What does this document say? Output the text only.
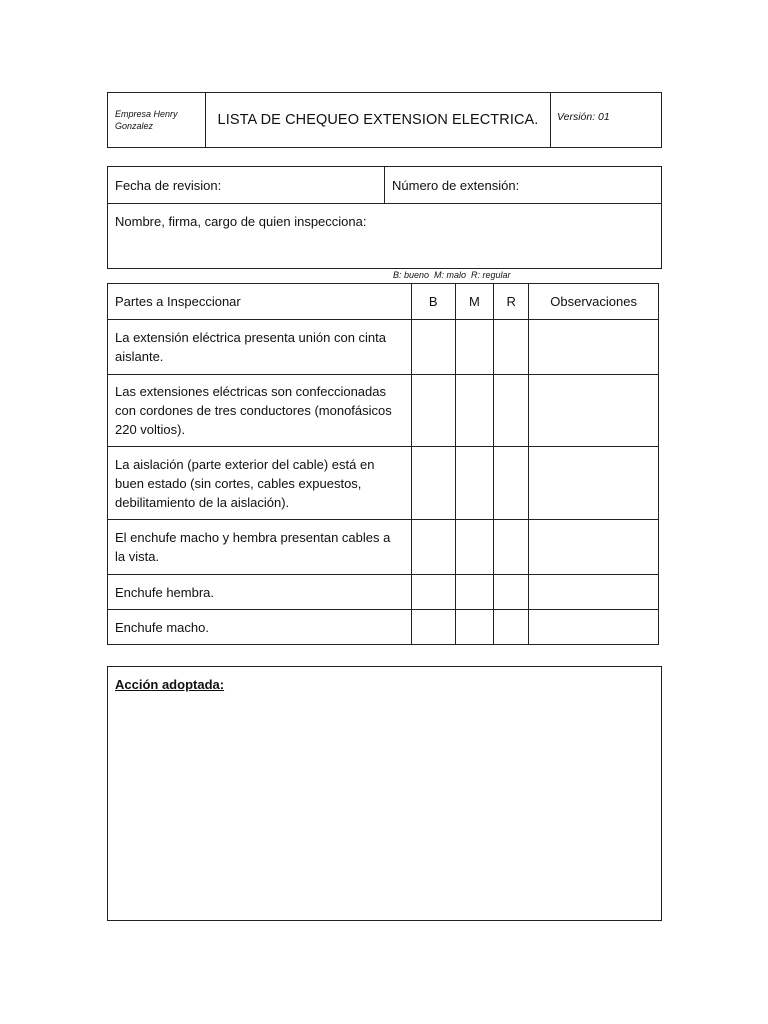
Empresa Henry Gonzalez	LISTA DE CHEQUEO EXTENSION ELECTRICA.	Versión: 01
Fecha de revision:	Número de extensión:
Nombre, firma, cargo de quien inspecciona:
B: bueno  M: malo  R: regular
Partes a Inspeccionar	B	M	R	Observaciones
La extensión eléctrica presenta unión con cinta aislante.				
Las extensiones eléctricas son confeccionadas con cordones de tres conductores (monofásicos 220 voltios).				
La aislación (parte exterior del cable) está en buen estado (sin cortes, cables expuestos, debilitamiento de la aislación).				
El enchufe macho y hembra presentan cables a la vista.				
Enchufe hembra.				
Enchufe macho.				
Acción adoptada:
